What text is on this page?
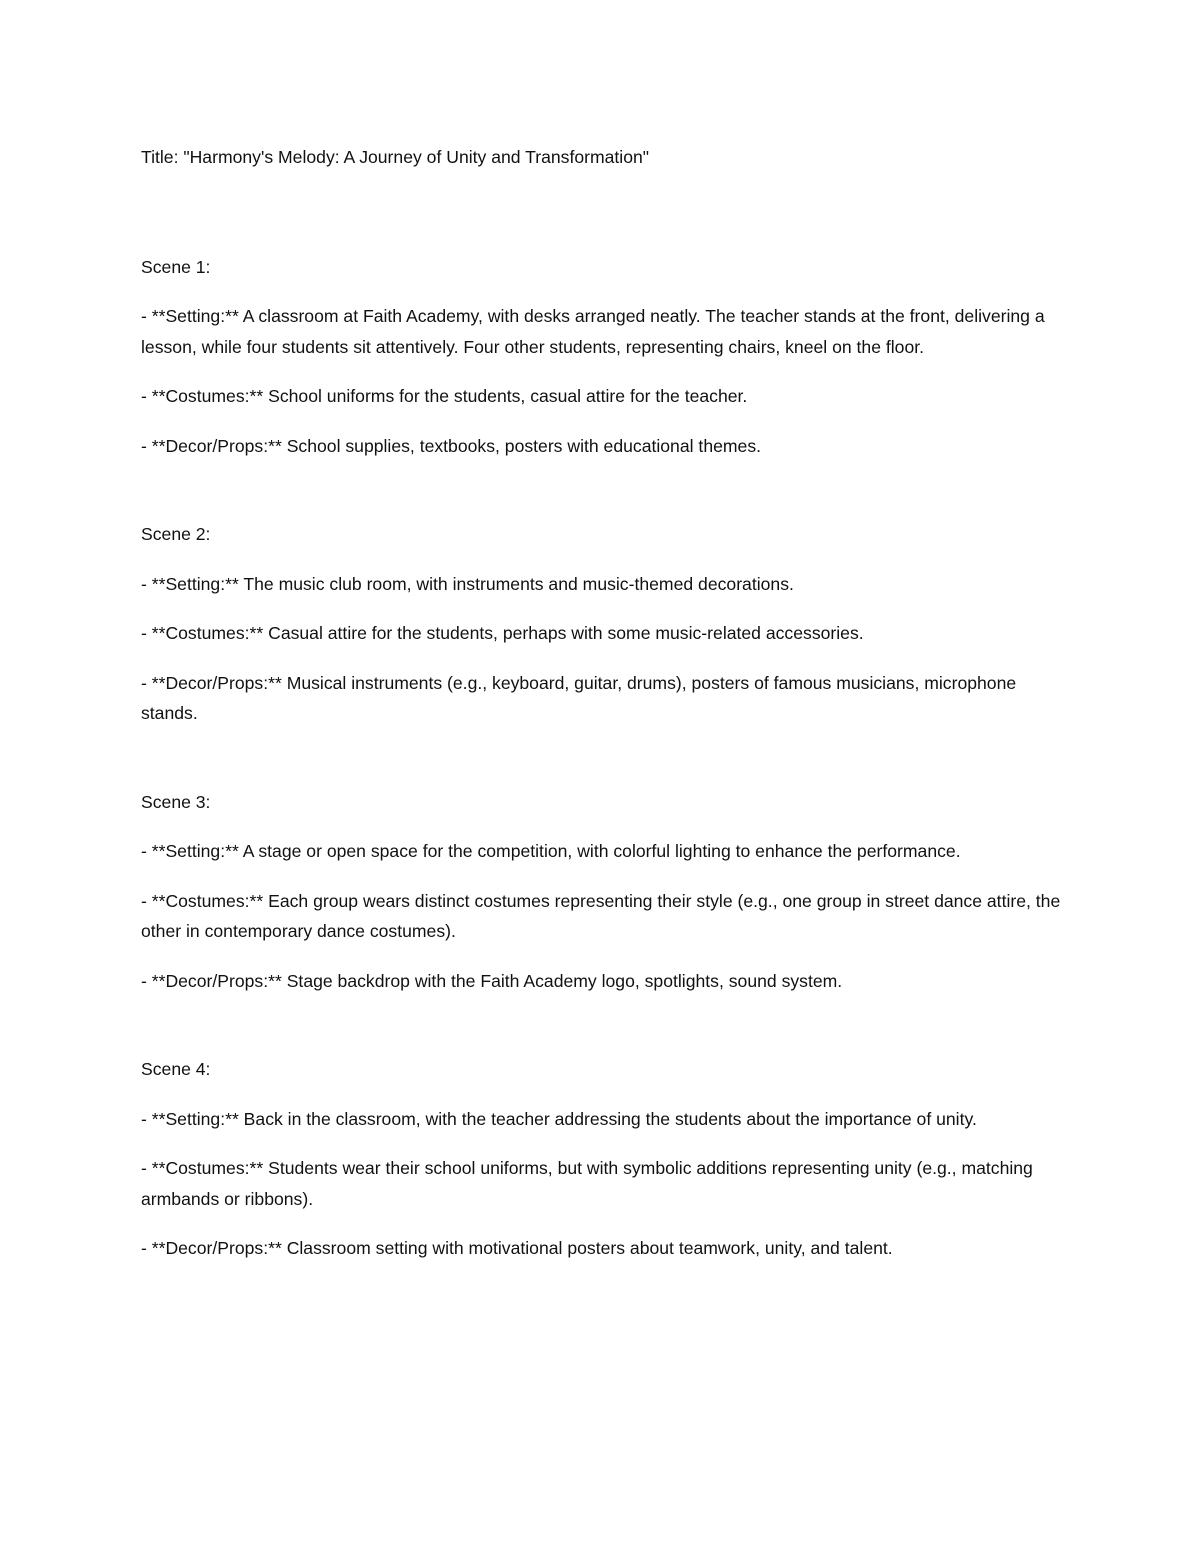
Title: "Harmony's Melody: A Journey of Unity and Transformation"

Scene 1:

- **Setting:** A classroom at Faith Academy, with desks arranged neatly. The teacher stands at the front, delivering a lesson, while four students sit attentively. Four other students, representing chairs, kneel on the floor.

- **Costumes:** School uniforms for the students, casual attire for the teacher.

- **Decor/Props:** School supplies, textbooks, posters with educational themes.

Scene 2:

- **Setting:** The music club room, with instruments and music-themed decorations.

- **Costumes:** Casual attire for the students, perhaps with some music-related accessories.

- **Decor/Props:** Musical instruments (e.g., keyboard, guitar, drums), posters of famous musicians, microphone stands.

Scene 3:

- **Setting:** A stage or open space for the competition, with colorful lighting to enhance the performance.

- **Costumes:** Each group wears distinct costumes representing their style (e.g., one group in street dance attire, the other in contemporary dance costumes).

- **Decor/Props:** Stage backdrop with the Faith Academy logo, spotlights, sound system.

Scene 4:

- **Setting:** Back in the classroom, with the teacher addressing the students about the importance of unity.

- **Costumes:** Students wear their school uniforms, but with symbolic additions representing unity (e.g., matching armbands or ribbons).

- **Decor/Props:** Classroom setting with motivational posters about teamwork, unity, and talent.
